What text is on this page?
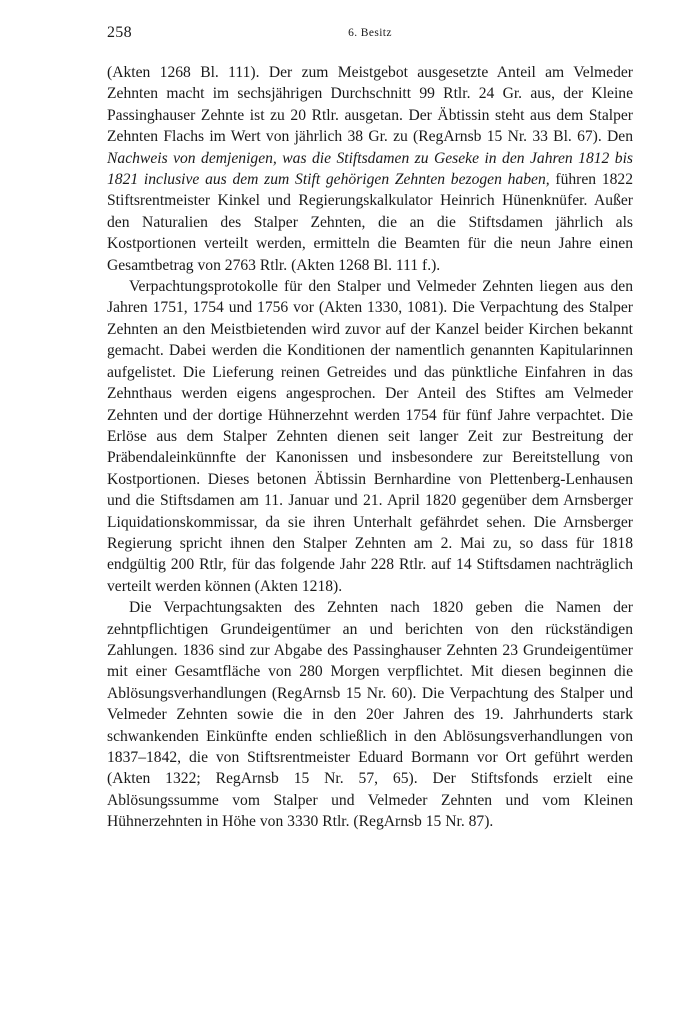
258	6. Besitz

(Akten 1268 Bl. 111). Der zum Meistgebot ausgesetzte Anteil am Velmeder Zehnten macht im sechsjährigen Durchschnitt 99 Rtlr. 24 Gr. aus, der Kleine Passinghauser Zehnte ist zu 20 Rtlr. ausgetan. Der Äbtissin steht aus dem Stalper Zehnten Flachs im Wert von jährlich 38 Gr. zu (RegArnsb 15 Nr. 33 Bl. 67). Den Nachweis von demjenigen, was die Stiftsdamen zu Geseke in den Jahren 1812 bis 1821 inclusive aus dem zum Stift gehörigen Zehnten bezogen haben, führen 1822 Stiftsrentmeister Kinkel und Regierungskalkulator Heinrich Hünenknüfer. Außer den Naturalien des Stalper Zehnten, die an die Stiftsdamen jährlich als Kostportionen verteilt werden, ermitteln die Beamten für die neun Jahre einen Gesamtbetrag von 2763 Rtlr. (Akten 1268 Bl. 111 f.).

Verpachtungsprotokolle für den Stalper und Velmeder Zehnten liegen aus den Jahren 1751, 1754 und 1756 vor (Akten 1330, 1081). Die Verpachtung des Stalper Zehnten an den Meistbietenden wird zuvor auf der Kanzel beider Kirchen bekannt gemacht. Dabei werden die Konditionen der namentlich genannten Kapitularinnen aufgelistet. Die Lieferung reinen Getreides und das pünktliche Einfahren in das Zehnthaus werden eigens angesprochen. Der Anteil des Stiftes am Velmeder Zehnten und der dortige Hühnerzehnt werden 1754 für fünf Jahre verpachtet. Die Erlöse aus dem Stalper Zehnten dienen seit langer Zeit zur Bestreitung der Präbendaleinkünnfte der Kanonissen und insbesondere zur Bereitstellung von Kostportionen. Dieses betonen Äbtissin Bernhardine von Plettenberg-Lenhausen und die Stiftsdamen am 11. Januar und 21. April 1820 gegenüber dem Arnsberger Liquidationskommissar, da sie ihren Unterhalt gefährdet sehen. Die Arnsberger Regierung spricht ihnen den Stalper Zehnten am 2. Mai zu, so dass für 1818 endgültig 200 Rtlr, für das folgende Jahr 228 Rtlr. auf 14 Stiftsdamen nachträglich verteilt werden können (Akten 1218).

Die Verpachtungsakten des Zehnten nach 1820 geben die Namen der zehntpflichtigen Grundeigentümer an und berichten von den rückständigen Zahlungen. 1836 sind zur Abgabe des Passinghauser Zehnten 23 Grundeigentümer mit einer Gesamtfläche von 280 Morgen verpflichtet. Mit diesen beginnen die Ablösungsverhandlungen (RegArnsb 15 Nr. 60). Die Verpachtung des Stalper und Velmeder Zehnten sowie die in den 20er Jahren des 19. Jahrhunderts stark schwankenden Einkünfte enden schließlich in den Ablösungsverhandlungen von 1837–1842, die von Stiftsrentmeister Eduard Bormann vor Ort geführt werden (Akten 1322; RegArnsb 15 Nr. 57, 65). Der Stiftsfonds erzielt eine Ablösungssumme vom Stalper und Velmeder Zehnten und vom Kleinen Hühnerzehnten in Höhe von 3330 Rtlr. (RegArnsb 15 Nr. 87).
